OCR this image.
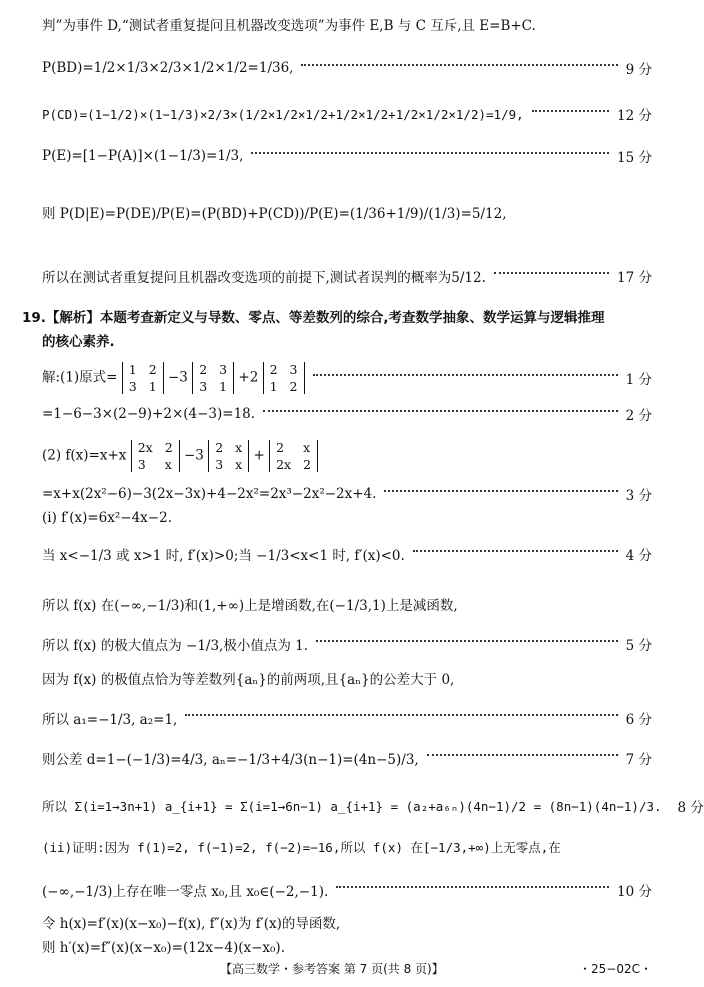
判”为事件 D,“测试者重复提问且机器改变选项”为事件 E,B 与 C 互斥,且 E=B+C.
P(BD)=1/2×1/3×2/3×1/2×1/2=1/36,	9 分
P(CD)=(1−1/2)×(1−1/3)×2/3×(1/2×1/2×1/2+1/2×1/2+1/2×1/2×1/2)=1/9,	12 分
P(E)=[1−P(A)]×(1−1/3)=1/3,	15 分
则 P(D|E)=P(DE)/P(E)=(P(BD)+P(CD))/P(E)=(1/36+1/9)/(1/3)=5/12,
所以在测试者重复提问且机器改变选项的前提下,测试者误判的概率为5/12.	17 分
19.【解析】本题考查新定义与导数、零点、等差数列的综合,考查数学抽象、数学运算与逻辑推理
的核心素养.
解:(1)原式= 1 2
3 1
−3 2 3
3 1
+2 2 3
1 2	1 分
=1−6−3×(2−9)+2×(4−3)=18.	2 分
(2) f(x)=x+x 2x 2
3	x
−3 2 x
3 x
+ 2	x
2x 2
=x+x(2x²−6)−3(2x−3x)+4−2x²=2x³−2x²−2x+4.	3 分
(i) f′(x)=6x²−4x−2.
当 x<−1/3 或 x>1 时, f′(x)>0;当 −1/3<x<1 时, f′(x)<0.	4 分
所以 f(x) 在(−∞,−1/3)和(1,+∞)上是增函数,在(−1/3,1)上是减函数,
所以 f(x) 的极大值点为 −1/3,极小值点为 1.	5 分
因为 f(x) 的极值点恰为等差数列{aₙ}的前两项,且{aₙ}的公差大于 0,
所以 a₁=−1/3, a₂=1,	6 分
则公差 d=1−(−1/3)=4/3, aₙ=−1/3+4/3(n−1)=(4n−5)/3,	7 分
所以 Σ(i=1→3n+1) a_{i+1} = Σ(i=1→6n−1) a_{i+1} = (a₂+a₆ₙ)(4n−1)/2 = (8n−1)(4n−1)/3. 8 分
(ii)证明:因为 f(1)=2, f(−1)=2, f(−2)=−16,所以 f(x) 在[−1/3,+∞)上无零点,在
(−∞,−1/3)上存在唯一零点 x₀,且 x₀∈(−2,−1).	10 分
令 h(x)=f′(x)(x−x₀)−f(x), f″(x)为 f′(x)的导函数,
则 h′(x)=f″(x)(x−x₀)=(12x−4)(x−x₀).
【高三数学・参考答案 第 7 页(共 8 页)】	・25−02C・
